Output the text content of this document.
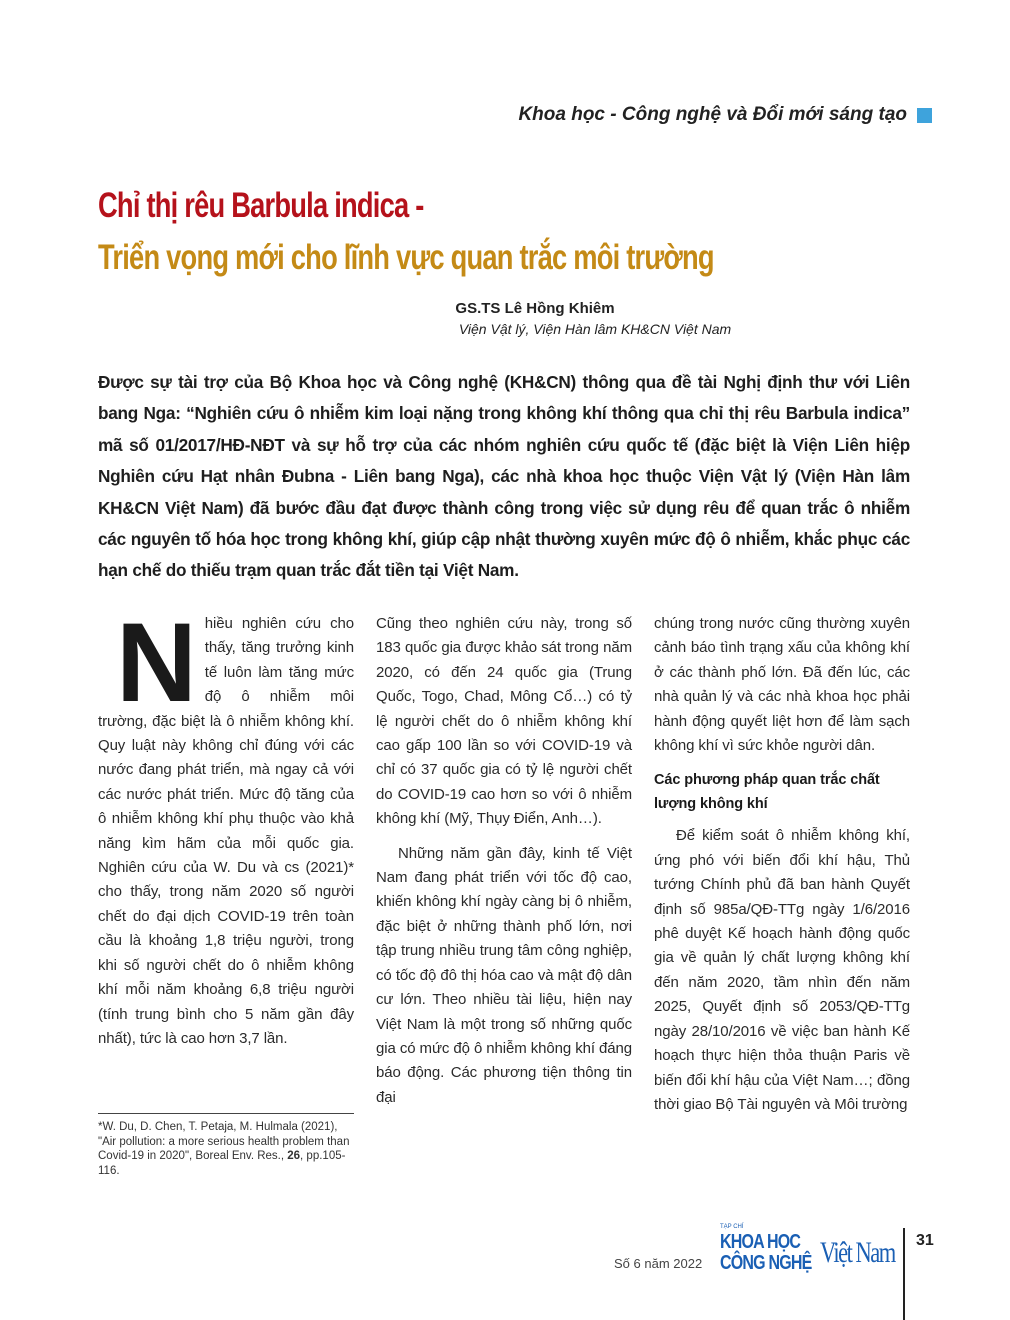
Khoa học - Công nghệ và Đổi mới sáng tạo
Chỉ thị rêu Barbula indica -
Triển vọng mới cho lĩnh vực quan trắc môi trường
GS.TS Lê Hồng Khiêm
Viện Vật lý, Viện Hàn lâm KH&CN Việt Nam
Được sự tài trợ của Bộ Khoa học và Công nghệ (KH&CN) thông qua đề tài Nghị định thư với Liên bang Nga: “Nghiên cứu ô nhiễm kim loại nặng trong không khí thông qua chỉ thị rêu Barbula indica” mã số 01/2017/HĐ-NĐT và sự hỗ trợ của các nhóm nghiên cứu quốc tế (đặc biệt là Viện Liên hiệp Nghiên cứu Hạt nhân Đubna - Liên bang Nga), các nhà khoa học thuộc Viện Vật lý (Viện Hàn lâm KH&CN Việt Nam) đã bước đầu đạt được thành công trong việc sử dụng rêu để quan trắc ô nhiễm các nguyên tố hóa học trong không khí, giúp cập nhật thường xuyên mức độ ô nhiễm, khắc phục các hạn chế do thiếu trạm quan trắc đắt tiền tại Việt Nam.
N hiều nghiên cứu cho thấy, tăng trưởng kinh tế luôn làm tăng mức độ ô nhiễm môi trường, đặc biệt là ô nhiễm không khí. Quy luật này không chỉ đúng với các nước đang phát triển, mà ngay cả với các nước phát triển. Mức độ tăng của ô nhiễm không khí phụ thuộc vào khả năng kìm hãm của mỗi quốc gia. Nghiên cứu của W. Du và cs (2021)* cho thấy, trong năm 2020 số người chết do đại dịch COVID-19 trên toàn cầu là khoảng 1,8 triệu người, trong khi số người chết do ô nhiễm không khí mỗi năm khoảng 6,8 triệu người (tính trung bình cho 5 năm gần đây nhất), tức là cao hơn 3,7 lần.

*W. Du, D. Chen, T. Petaja, M. Hulmala (2021), "Air pollution: a more serious health problem than Covid-19 in 2020", Boreal Env. Res., 26, pp.105-116.

Cũng theo nghiên cứu này, trong số 183 quốc gia được khảo sát trong năm 2020, có đến 24 quốc gia (Trung Quốc, Togo, Chad, Mông Cổ…) có tỷ lệ người chết do ô nhiễm không khí cao gấp 100 lần so với COVID-19 và chỉ có 37 quốc gia có tỷ lệ người chết do COVID-19 cao hơn so với ô nhiễm không khí (Mỹ, Thụy Điển, Anh…).

Những năm gần đây, kinh tế Việt Nam đang phát triển với tốc độ cao, khiến không khí ngày càng bị ô nhiễm, đặc biệt ở những thành phố lớn, nơi tập trung nhiều trung tâm công nghiệp, có tốc độ đô thị hóa cao và mật độ dân cư lớn. Theo nhiều tài liệu, hiện nay Việt Nam là một trong số những quốc gia có mức độ ô nhiễm không khí đáng báo động. Các phương tiện thông tin đại

chúng trong nước cũng thường xuyên cảnh báo tình trạng xấu của không khí ở các thành phố lớn. Đã đến lúc, các nhà quản lý và các nhà khoa học phải hành động quyết liệt hơn để làm sạch không khí vì sức khỏe người dân.

Các phương pháp quan trắc chất lượng không khí

Để kiểm soát ô nhiễm không khí, ứng phó với biến đổi khí hậu, Thủ tướng Chính phủ đã ban hành Quyết định số 985a/QĐ-TTg ngày 1/6/2016 phê duyệt Kế hoạch hành động quốc gia về quản lý chất lượng không khí đến năm 2020, tầm nhìn đến năm 2025, Quyết định số 2053/QĐ-TTg ngày 28/10/2016 về việc ban hành Kế hoạch thực hiện thỏa thuận Paris về biến đổi khí hậu của Việt Nam…; đồng thời giao Bộ Tài nguyên và Môi trường

Số 6 năm 2022
TẠP CHÍ
KHOA HỌC
CÔNG NGHỆ Việt Nam 31
